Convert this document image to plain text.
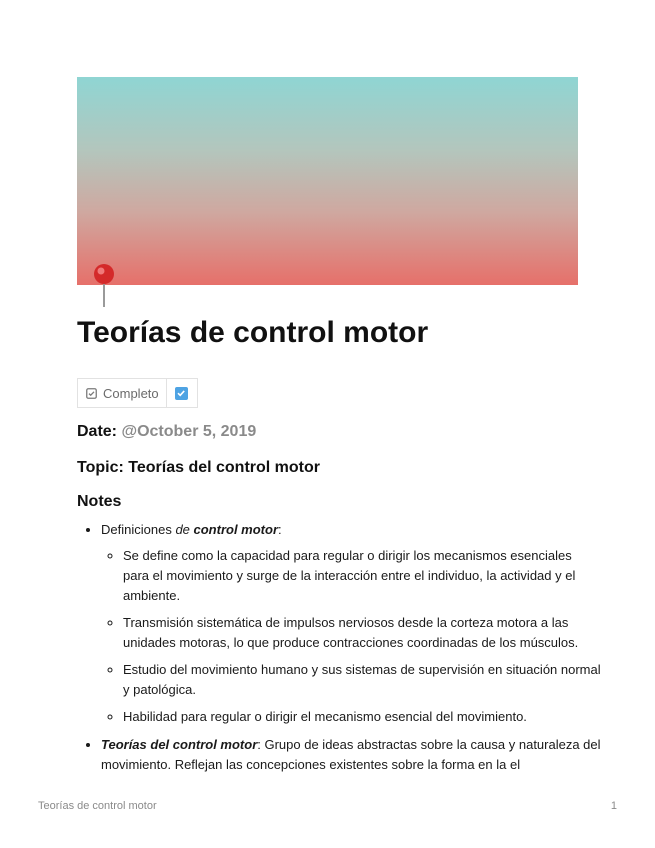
Teorías de control motor
Completo
Date: @October 5, 2019
Topic: Teorías del control motor
Notes
• Definiciones de control motor:
◦ Se define como la capacidad para regular o dirigir los mecanismos esenciales para el movimiento y surge de la interacción entre el individuo, la actividad y el ambiente.
◦ Transmisión sistemática de impulsos nerviosos desde la corteza motora a las unidades motoras, lo que produce contracciones coordinadas de los músculos.
◦ Estudio del movimiento humano y sus sistemas de supervisión en situación normal y patológica.
◦ Habilidad para regular o dirigir el mecanismo esencial del movimiento.
• Teorías del control motor: Grupo de ideas abstractas sobre la causa y naturaleza del movimiento. Reflejan las concepciones existentes sobre la forma en la el
Teorías de control motor	1
